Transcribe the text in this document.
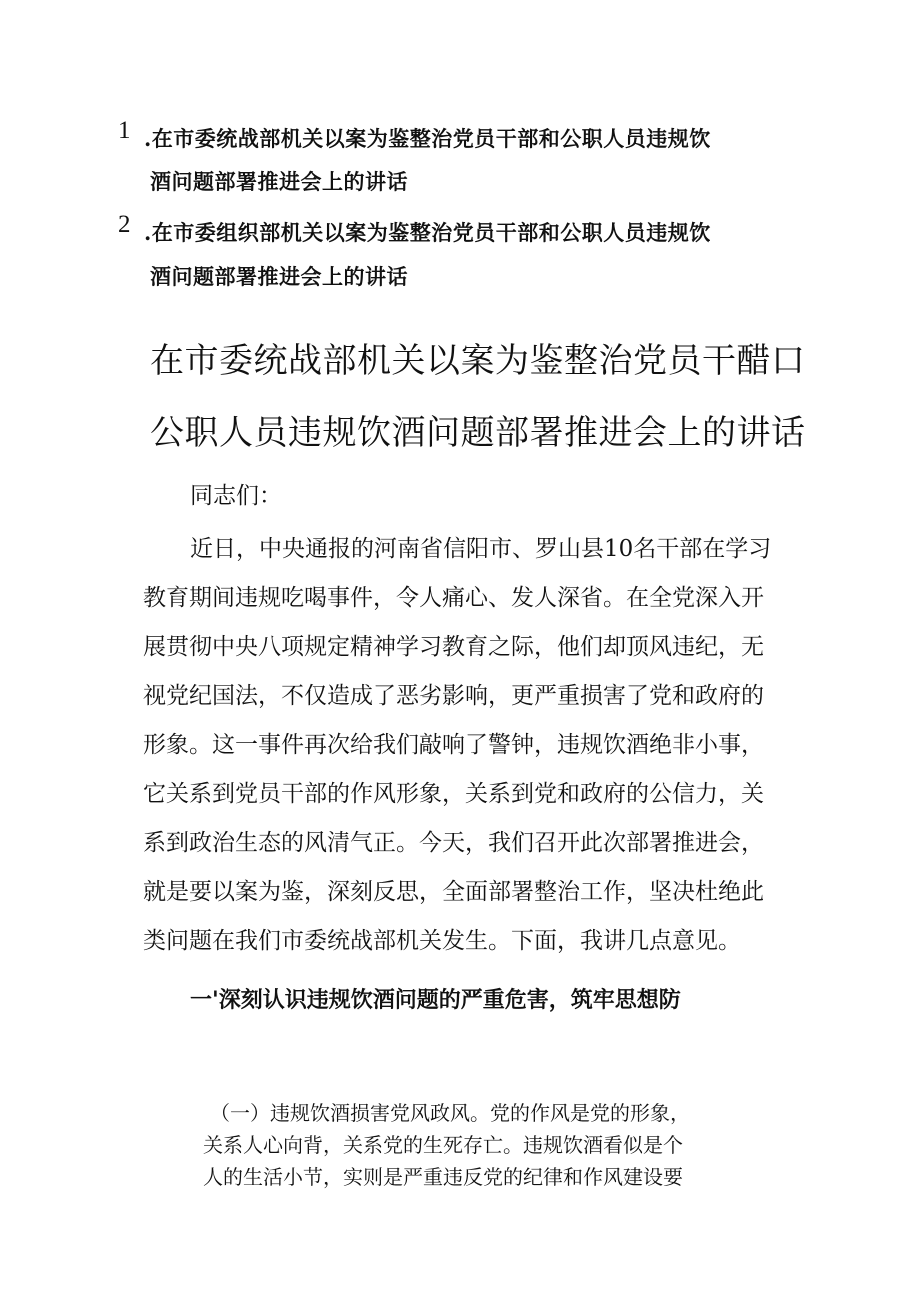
1 .在市委统战部机关以案为鉴整治党员干部和公职人员违规饮
酒问题部署推进会上的讲话
2 .在市委组织部机关以案为鉴整治党员干部和公职人员违规饮
酒问题部署推进会上的讲话
在市委统战部机关以案为鉴整治党员干醋口
公职人员违规饮酒问题部署推进会上的讲话
同志们：
近日，中央通报的河南省信阳市、罗山县10名干部在学习
教育期间违规吃喝事件，令人痛心、发人深省。在全党深入开
展贯彻中央八项规定精神学习教育之际，他们却顶风违纪，无
视党纪国法，不仅造成了恶劣影响，更严重损害了党和政府的
形象。这一事件再次给我们敲响了警钟，违规饮酒绝非小事，
它关系到党员干部的作风形象，关系到党和政府的公信力，关
系到政治生态的风清气正。今天，我们召开此次部署推进会，
就是要以案为鉴，深刻反思，全面部署整治工作，坚决杜绝此
类问题在我们市委统战部机关发生。下面，我讲几点意见。
一'深刻认识违规饮酒问题的严重危害，筑牢思想防
（一）违规饮酒损害党风政风。党的作风是党的形象，
关系人心向背，关系党的生死存亡。违规饮酒看似是个
人的生活小节，实则是严重违反党的纪律和作风建设要
